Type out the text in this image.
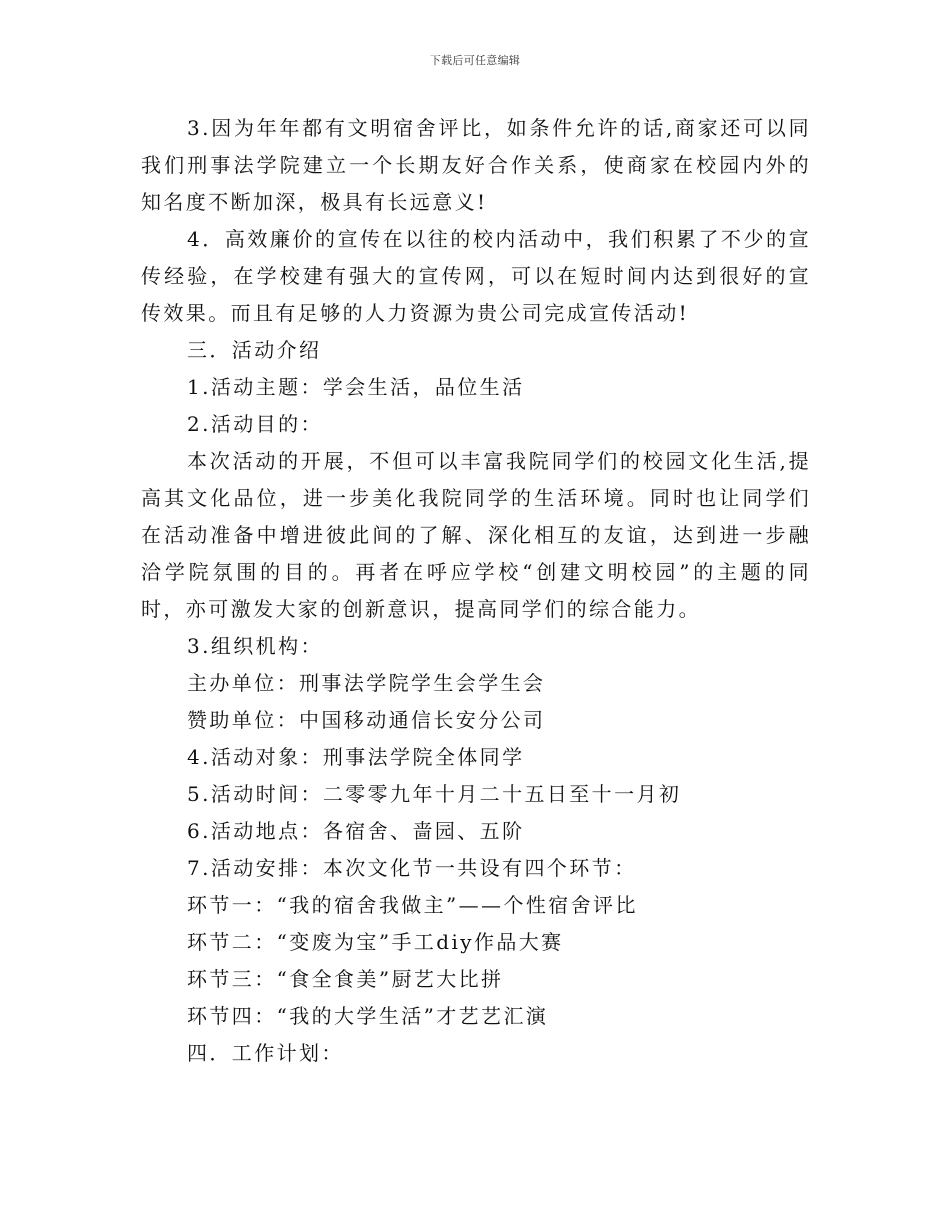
下载后可任意编辑

3.因为年年都有文明宿舍评比，如条件允许的话,商家还可以同我们刑事法学院建立一个长期友好合作关系，使商家在校园内外的知名度不断加深，极具有长远意义!

4．高效廉价的宣传在以往的校内活动中，我们积累了不少的宣传经验，在学校建有强大的宣传网，可以在短时间内达到很好的宣传效果。而且有足够的人力资源为贵公司完成宣传活动!

三．活动介绍

1.活动主题：学会生活，品位生活

2.活动目的：

本次活动的开展，不但可以丰富我院同学们的校园文化生活,提高其文化品位，进一步美化我院同学的生活环境。同时也让同学们在活动准备中增进彼此间的了解、深化相互的友谊，达到进一步融洽学院氛围的目的。再者在呼应学校“创建文明校园”的主题的同时，亦可激发大家的创新意识，提高同学们的综合能力。

3.组织机构：

主办单位：刑事法学院学生会学生会

赞助单位：中国移动通信长安分公司

4.活动对象：刑事法学院全体同学

5.活动时间：二零零九年十月二十五日至十一月初

6.活动地点：各宿舍、啬园、五阶

7.活动安排：本次文化节一共设有四个环节：

环节一：“我的宿舍我做主”——个性宿舍评比

环节二：“变废为宝”手工diy作品大赛

环节三：“食全食美”厨艺大比拼

环节四：“我的大学生活”才艺艺汇演

四．工作计划：
